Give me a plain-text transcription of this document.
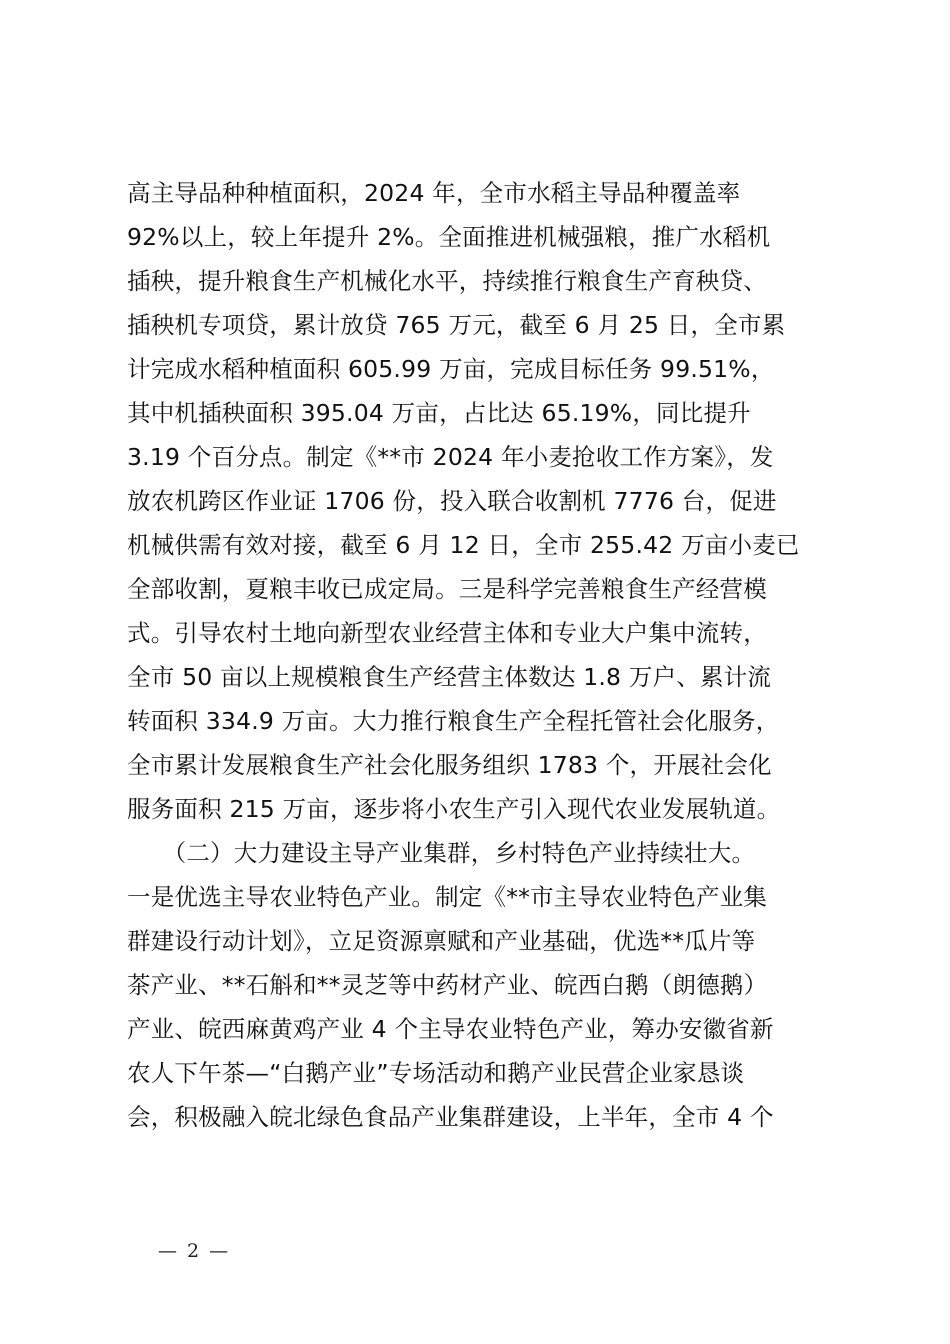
高主导品种种植面积，2024 年，全市水稻主导品种覆盖率
92%以上，较上年提升 2%。全面推进机械强粮，推广水稻机
插秧，提升粮食生产机械化水平，持续推行粮食生产育秧贷、
插秧机专项贷，累计放贷 765 万元，截至 6 月 25 日，全市累
计完成水稻种植面积 605.99 万亩，完成目标任务 99.51%，
其中机插秧面积 395.04 万亩，占比达 65.19%，同比提升
3.19 个百分点。制定《**市 2024 年小麦抢收工作方案》，发
放农机跨区作业证 1706 份，投入联合收割机 7776 台，促进
机械供需有效对接，截至 6 月 12 日，全市 255.42 万亩小麦已
全部收割，夏粮丰收已成定局。三是科学完善粮食生产经营模
式。引导农村土地向新型农业经营主体和专业大户集中流转，
全市 50 亩以上规模粮食生产经营主体数达 1.8 万户、累计流
转面积 334.9 万亩。大力推行粮食生产全程托管社会化服务，
全市累计发展粮食生产社会化服务组织 1783 个，开展社会化
服务面积 215 万亩，逐步将小农生产引入现代农业发展轨道。
　　（二）大力建设主导产业集群，乡村特色产业持续壮大。
一是优选主导农业特色产业。制定《**市主导农业特色产业集
群建设行动计划》，立足资源禀赋和产业基础，优选**瓜片等
茶产业、**石斛和**灵芝等中药材产业、皖西白鹅（朗德鹅）
产业、皖西麻黄鸡产业 4 个主导农业特色产业，筹办安徽省新
农人下午茶—“白鹅产业”专场活动和鹅产业民营企业家恳谈
会，积极融入皖北绿色食品产业集群建设，上半年，全市 4 个
— 2 —
